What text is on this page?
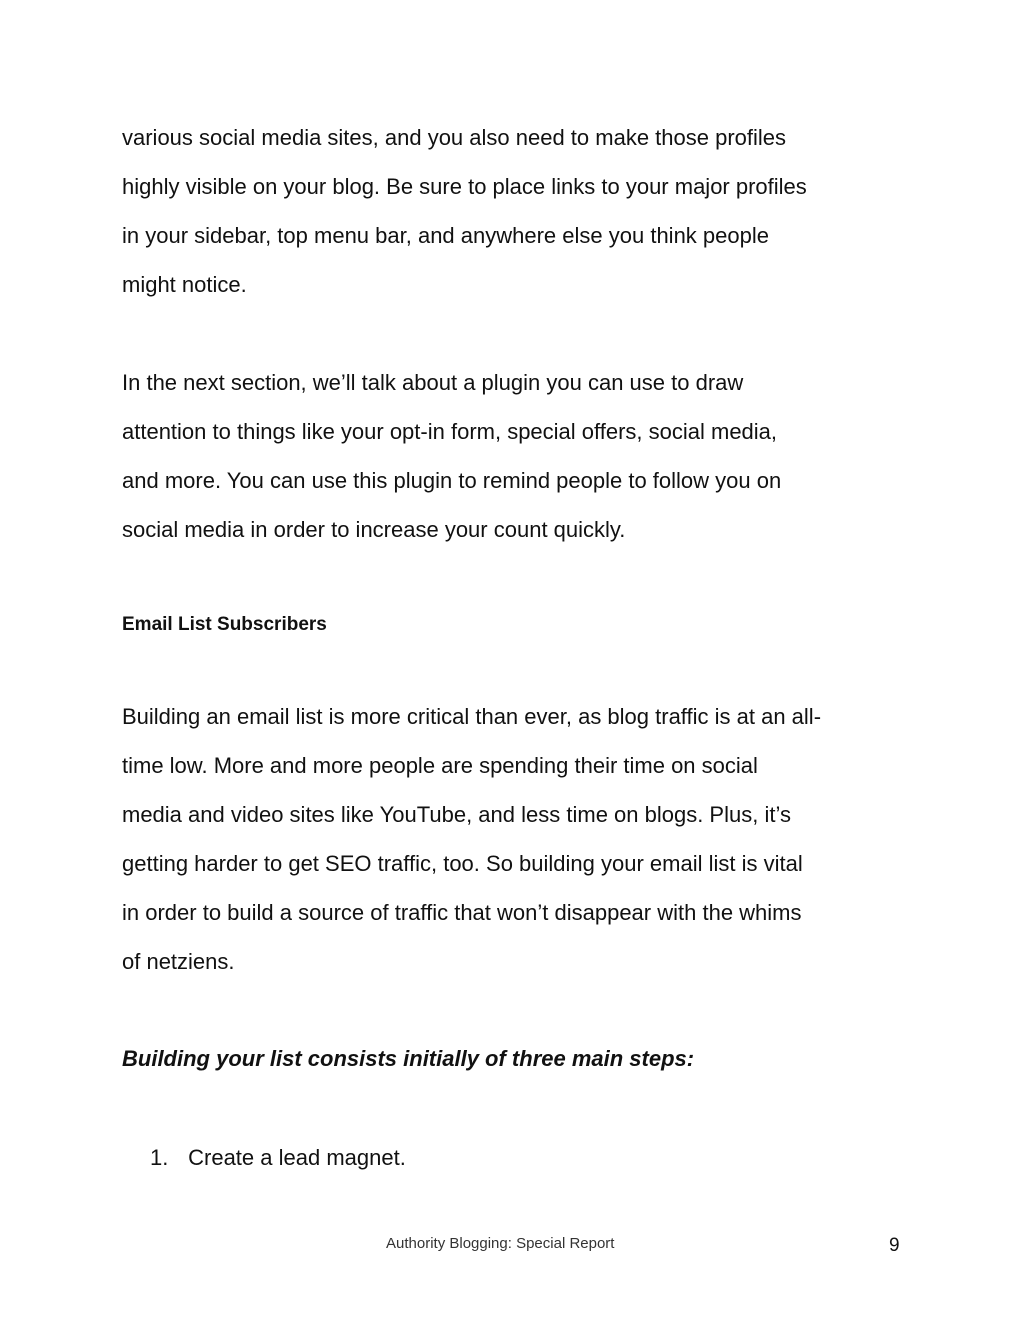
various social media sites, and you also need to make those profiles
highly visible on your blog. Be sure to place links to your major profiles
in your sidebar, top menu bar, and anywhere else you think people
might notice.
In the next section, we’ll talk about a plugin you can use to draw
attention to things like your opt-in form, special offers, social media,
and more. You can use this plugin to remind people to follow you on
social media in order to increase your count quickly.
Email List Subscribers
Building an email list is more critical than ever, as blog traffic is at an all-
time low. More and more people are spending their time on social
media and video sites like YouTube, and less time on blogs. Plus, it’s
getting harder to get SEO traffic, too. So building your email list is vital
in order to build a source of traffic that won’t disappear with the whims
of netziens.

Building your list consists initially of three main steps:

1. Create a lead magnet.
Authority Blogging: Special Report	9
